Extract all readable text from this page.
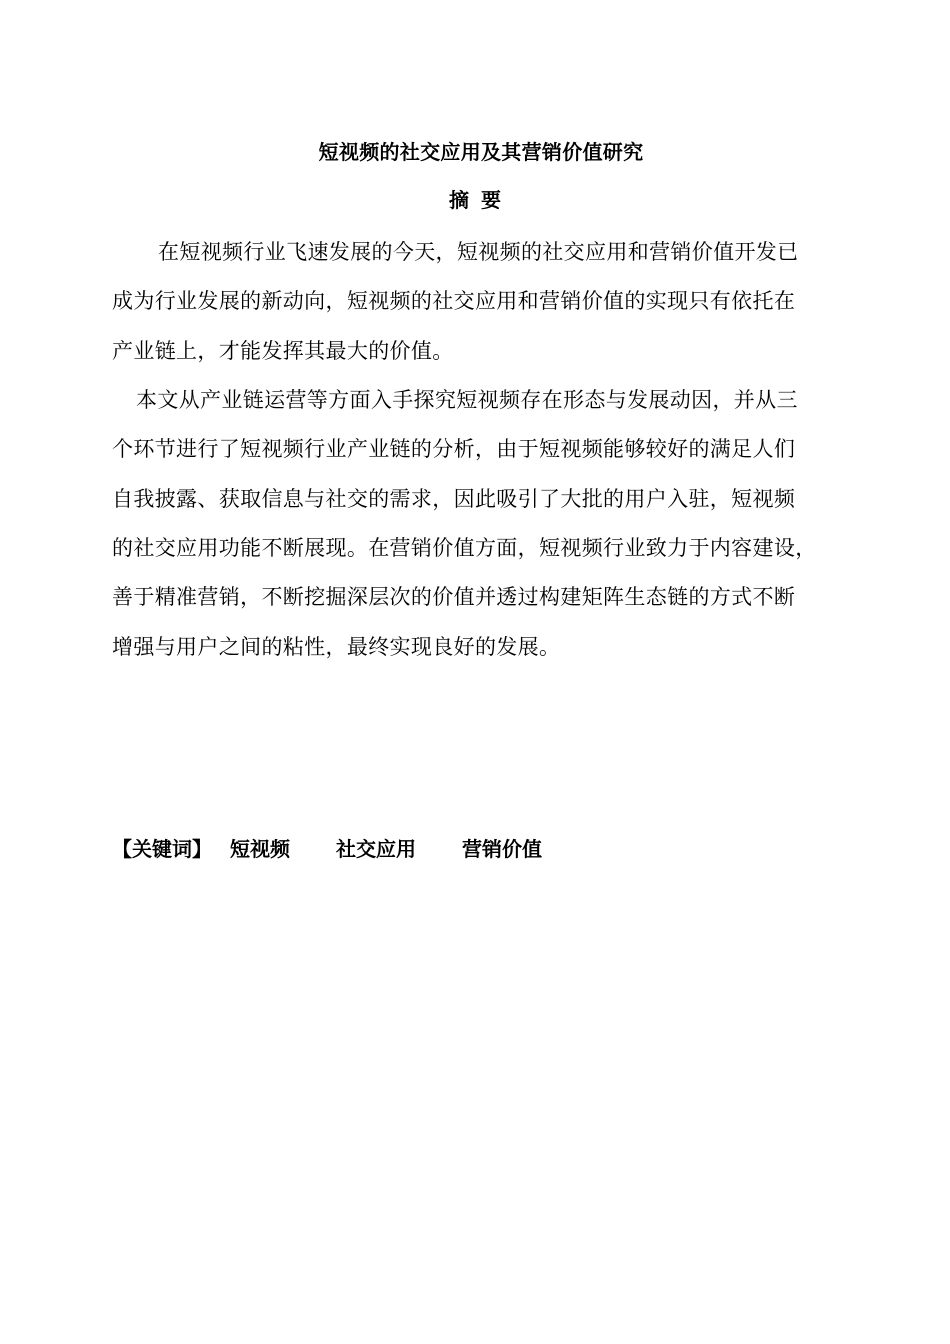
短视频的社交应用及其营销价值研究
摘要
在短视频行业飞速发展的今天，短视频的社交应用和营销价值开发已
成为行业发展的新动向，短视频的社交应用和营销价值的实现只有依托在
产业链上，才能发挥其最大的价值。
本文从产业链运营等方面入手探究短视频存在形态与发展动因，并从三
个环节进行了短视频行业产业链的分析，由于短视频能够较好的满足人们
自我披露、获取信息与社交的需求，因此吸引了大批的用户入驻，短视频
的社交应用功能不断展现。在营销价值方面，短视频行业致力于内容建设，
善于精准营销，不断挖掘深层次的价值并透过构建矩阵生态链的方式不断
增强与用户之间的粘性，最终实现良好的发展。
【关键词】 短视频 社交应用 营销价值
